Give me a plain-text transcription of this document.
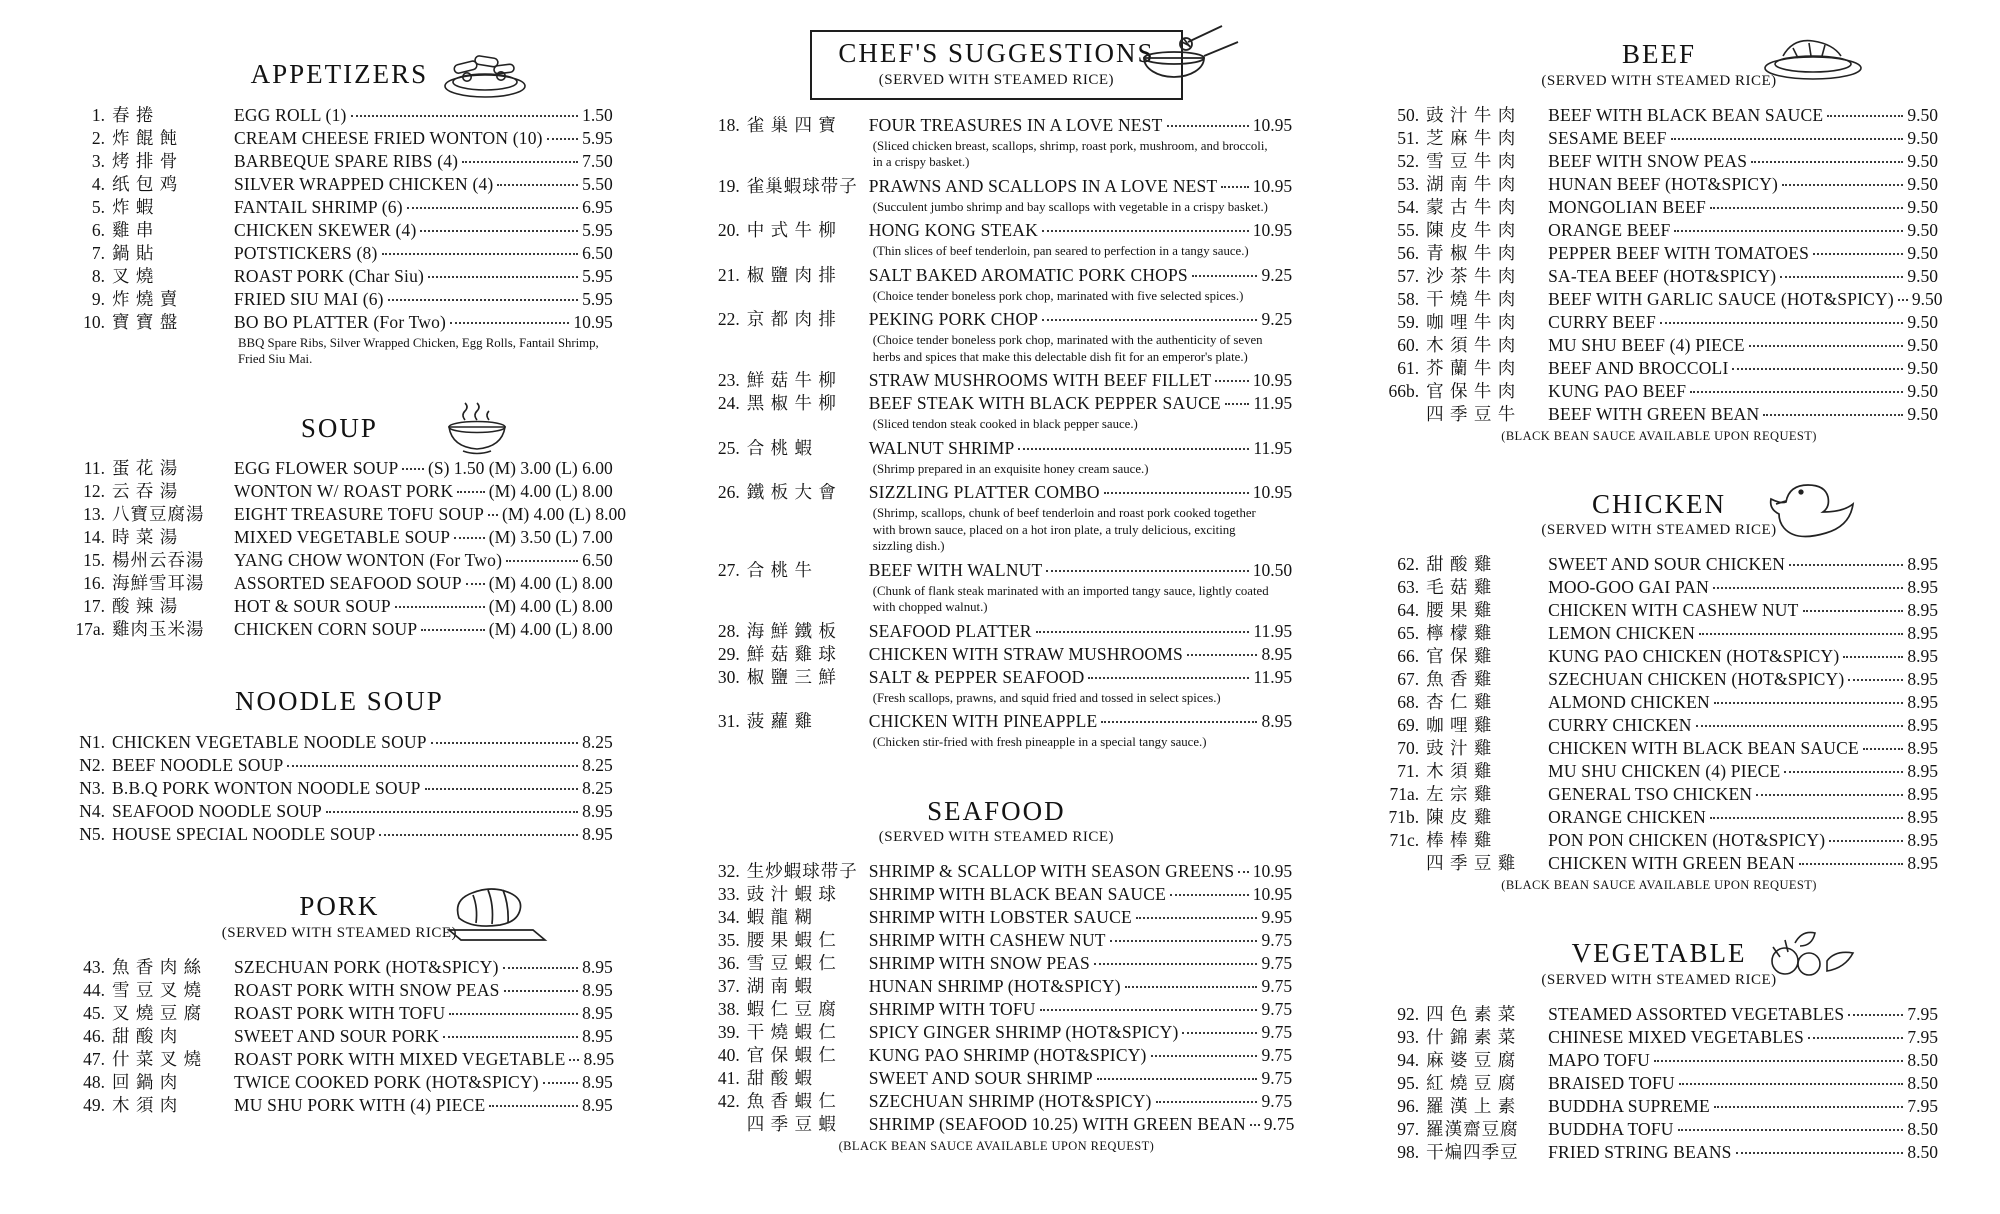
APPETIZERS
1. 春 捲	EGG ROLL (1)	1.50
2. 炸 餛 飩	CREAM CHEESE FRIED WONTON (10) 5.95
3. 烤 排 骨	BARBEQUE SPARE RIBS (4)	7.50
4. 纸 包 鸡	SILVER WRAPPED CHICKEN (4)	5.50
5. 炸 蝦	FANTAIL SHRIMP (6)	6.95
6. 雞 串	CHICKEN SKEWER (4)	5.95
7. 鍋 貼	POTSTICKERS (8)	6.50
8. 叉 燒	ROAST PORK (Char Siu)	5.95
9. 炸 燒 賣	FRIED SIU MAI (6)	5.95
10. 寶 寶 盤	BO BO PLATTER (For Two)	10.95
BBQ Spare Ribs, Silver Wrapped Chicken, Egg Rolls, Fantail Shrimp, Fried Siu Mai.
SOUP
11. 蛋 花 湯	EGG FLOWER SOUP (S) 1.50 (M) 3.00 (L) 6.00
12. 云 吞 湯	WONTON W/ ROAST PORK (M) 4.00 (L) 8.00
13. 八寶豆腐湯	EIGHT TREASURE TOFU SOUP (M) 4.00 (L) 8.00
14. 時 菜 湯	MIXED VEGETABLE SOUP (M) 3.50 (L) 7.00
15. 楊州云吞湯	YANG CHOW WONTON (For Two)	6.50
16. 海鮮雪耳湯	ASSORTED SEAFOOD SOUP (M) 4.00 (L) 8.00
17. 酸 辣 湯	HOT & SOUR SOUP	(M) 4.00 (L) 8.00
17a. 雞肉玉米湯	CHICKEN CORN SOUP	(M) 4.00 (L) 8.00
NOODLE SOUP
N1. CHICKEN VEGETABLE NOODLE SOUP	8.25
N2. BEEF NOODLE SOUP	8.25
N3. B.B.Q PORK WONTON NOODLE SOUP	8.25
N4. SEAFOOD NOODLE SOUP	8.95
N5. HOUSE SPECIAL NOODLE SOUP	8.95
PORK
(SERVED WITH STEAMED RICE)
43. 魚 香 肉 絲	SZECHUAN PORK (HOT&SPICY)	8.95
44. 雪 豆 叉 燒	ROAST PORK WITH SNOW PEAS	8.95
45. 叉 燒 豆 腐	ROAST PORK WITH TOFU	8.95
46. 甜 酸 肉	SWEET AND SOUR PORK	8.95
47. 什 菜 叉 燒	ROAST PORK WITH MIXED VEGETABLE 8.95
48. 回 鍋 肉	TWICE COOKED PORK (HOT&SPICY) 8.95
49. 木 須 肉	MU SHU PORK WITH (4) PIECE	8.95
CHEF'S SUGGESTIONS
(SERVED WITH STEAMED RICE)
18. 雀 巢 四 寶	FOUR TREASURES IN A LOVE NEST	10.95
(Sliced chicken breast, scallops, shrimp, roast pork, mushroom, and broccoli, in a crispy basket.)
19. 雀巢蝦球带子 PRAWNS AND SCALLOPS IN A LOVE NEST 10.95
(Succulent jumbo shrimp and bay scallops with vegetable in a crispy basket.)
20. 中 式 牛 柳	HONG KONG STEAK	10.95
(Thin slices of beef tenderloin, pan seared to perfection in a tangy sauce.)
21. 椒 鹽 肉 排	SALT BAKED AROMATIC PORK CHOPS	9.25
(Choice tender boneless pork chop, marinated with five selected spices.)
22. 京 都 肉 排	PEKING PORK CHOP	9.25
(Choice tender boneless pork chop, marinated with the authenticity of seven herbs and spices that make this delectable dish fit for an emperor's plate.)
23. 鮮 菇 牛 柳	STRAW MUSHROOMS WITH BEEF FILLET 10.95
24. 黑 椒 牛 柳	BEEF STEAK WITH BLACK PEPPER SAUCE 11.95
(Sliced tendon steak cooked in black pepper sauce.)
25. 合 桃 蝦	WALNUT SHRIMP	11.95
(Shrimp prepared in an exquisite honey cream sauce.)
26. 鐵 板 大 會	SIZZLING PLATTER COMBO	10.95
(Shrimp, scallops, chunk of beef tenderloin and roast pork cooked together with brown sauce, placed on a hot iron plate, a truly delicious, exciting sizzling dish.)
27. 合 桃 牛	BEEF WITH WALNUT	10.50
(Chunk of flank steak marinated with an imported tangy sauce, lightly coated with chopped walnut.)
28. 海 鮮 鐵 板	SEAFOOD PLATTER	11.95
29. 鮮 菇 雞 球	CHICKEN WITH STRAW MUSHROOMS	8.95
30. 椒 鹽 三 鮮	SALT & PEPPER SEAFOOD	11.95
(Fresh scallops, prawns, and squid fried and tossed in select spices.)
31. 菠 蘿 雞	CHICKEN WITH PINEAPPLE	8.95
(Chicken stir-fried with fresh pineapple in a special tangy sauce.)
SEAFOOD
(SERVED WITH STEAMED RICE)
32. 生炒蝦球带子 SHRIMP & SCALLOP WITH SEASON GREENS 10.95
33. 豉 汁 蝦 球	SHRIMP WITH BLACK BEAN SAUCE	10.95
34. 蝦 龍 糊	SHRIMP WITH LOBSTER SAUCE	9.95
35. 腰 果 蝦 仁	SHRIMP WITH CASHEW NUT	9.75
36. 雪 豆 蝦 仁	SHRIMP WITH SNOW PEAS	9.75
37. 湖 南 蝦	HUNAN SHRIMP (HOT&SPICY)	9.75
38. 蝦 仁 豆 腐	SHRIMP WITH TOFU	9.75
39. 干 燒 蝦 仁	SPICY GINGER SHRIMP (HOT&SPICY)	9.75
40. 官 保 蝦 仁	KUNG PAO SHRIMP (HOT&SPICY)	9.75
41. 甜 酸 蝦	SWEET AND SOUR SHRIMP	9.75
42. 魚 香 蝦 仁	SZECHUAN SHRIMP (HOT&SPICY)	9.75
四 季 豆 蝦	SHRIMP (SEAFOOD 10.25) WITH GREEN BEAN 9.75
(BLACK BEAN SAUCE AVAILABLE UPON REQUEST)
BEEF
(SERVED WITH STEAMED RICE)
50. 豉 汁 牛 肉	BEEF WITH BLACK BEAN SAUCE	9.50
51. 芝 麻 牛 肉	SESAME BEEF	9.50
52. 雪 豆 牛 肉	BEEF WITH SNOW PEAS	9.50
53. 湖 南 牛 肉	HUNAN BEEF (HOT&SPICY)	9.50
54. 蒙 古 牛 肉	MONGOLIAN BEEF	9.50
55. 陳 皮 牛 肉	ORANGE BEEF	9.50
56. 青 椒 牛 肉	PEPPER BEEF WITH TOMATOES	9.50
57. 沙 茶 牛 肉	SA-TEA BEEF (HOT&SPICY)	9.50
58. 干 燒 牛 肉	BEEF WITH GARLIC SAUCE (HOT&SPICY) 9.50
59. 咖 哩 牛 肉	CURRY BEEF	9.50
60. 木 須 牛 肉	MU SHU BEEF (4) PIECE	9.50
61. 芥 蘭 牛 肉	BEEF AND BROCCOLI	9.50
66b. 官 保 牛 肉	KUNG PAO BEEF	9.50
四 季 豆 牛	BEEF WITH GREEN BEAN	9.50
(BLACK BEAN SAUCE AVAILABLE UPON REQUEST)
CHICKEN
(SERVED WITH STEAMED RICE)
62. 甜 酸 雞	SWEET AND SOUR CHICKEN	8.95
63. 毛 菇 雞	MOO-GOO GAI PAN	8.95
64. 腰 果 雞	CHICKEN WITH CASHEW NUT	8.95
65. 檸 檬 雞	LEMON CHICKEN	8.95
66. 官 保 雞	KUNG PAO CHICKEN (HOT&SPICY)	8.95
67. 魚 香 雞	SZECHUAN CHICKEN (HOT&SPICY)	8.95
68. 杏 仁 雞	ALMOND CHICKEN	8.95
69. 咖 哩 雞	CURRY CHICKEN	8.95
70. 豉 汁 雞	CHICKEN WITH BLACK BEAN SAUCE	8.95
71. 木 須 雞	MU SHU CHICKEN (4) PIECE	8.95
71a. 左 宗 雞	GENERAL TSO CHICKEN	8.95
71b. 陳 皮 雞	ORANGE CHICKEN	8.95
71c. 棒 棒 雞	PON PON CHICKEN (HOT&SPICY)	8.95
四 季 豆 雞	CHICKEN WITH GREEN BEAN	8.95
(BLACK BEAN SAUCE AVAILABLE UPON REQUEST)
VEGETABLE
(SERVED WITH STEAMED RICE)
92. 四 色 素 菜	STEAMED ASSORTED VEGETABLES	7.95
93. 什 錦 素 菜	CHINESE MIXED VEGETABLES	7.95
94. 麻 婆 豆 腐	MAPO TOFU	8.50
95. 紅 燒 豆 腐	BRAISED TOFU	8.50
96. 羅 漢 上 素	BUDDHA SUPREME	7.95
97. 羅漢齋豆腐	BUDDHA TOFU	8.50
98. 干煸四季豆	FRIED STRING BEANS	8.50
